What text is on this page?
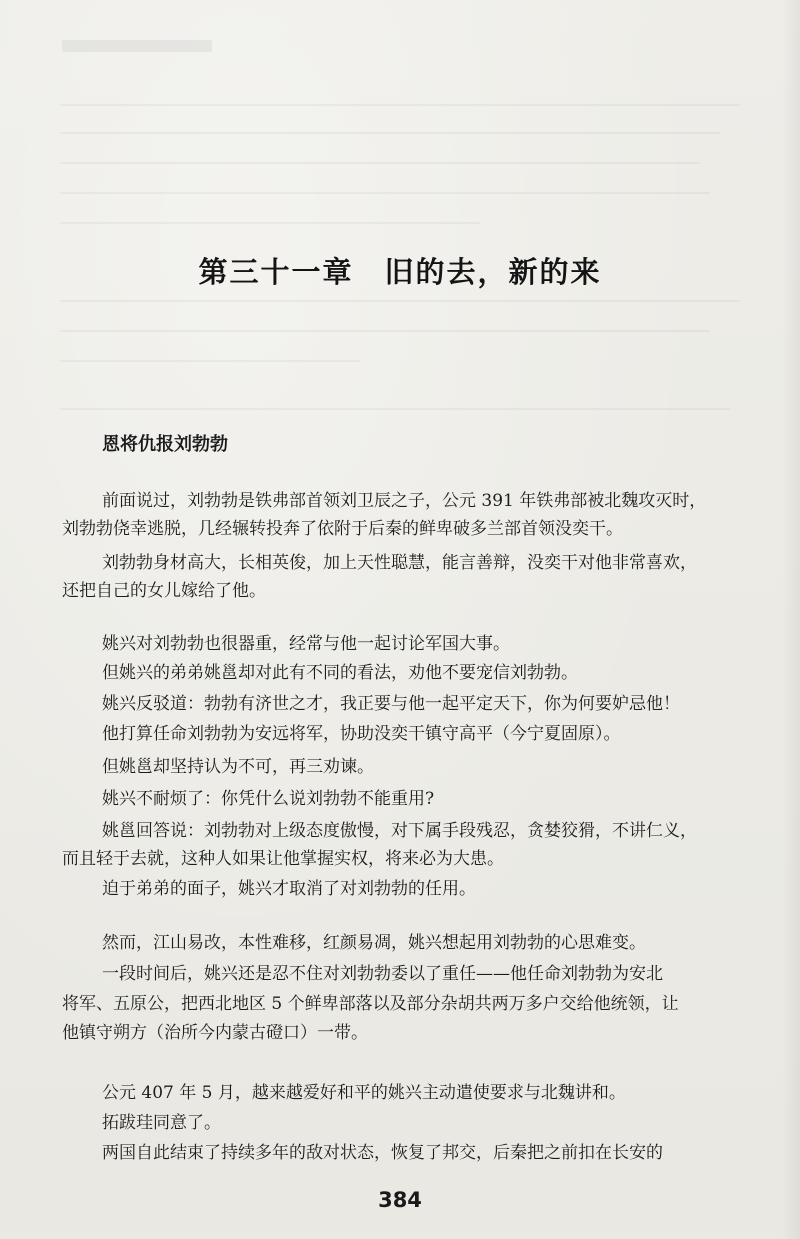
第三十一章　旧的去，新的来
恩将仇报刘勃勃

前面说过，刘勃勃是铁弗部首领刘卫辰之子，公元 391 年铁弗部被北魏攻灭时，

刘勃勃侥幸逃脱，几经辗转投奔了依附于后秦的鲜卑破多兰部首领没奕干。

刘勃勃身材高大，长相英俊，加上天性聪慧，能言善辩，没奕干对他非常喜欢，

还把自己的女儿嫁给了他。

姚兴对刘勃勃也很器重，经常与他一起讨论军国大事。

但姚兴的弟弟姚邕却对此有不同的看法，劝他不要宠信刘勃勃。

姚兴反驳道：勃勃有济世之才，我正要与他一起平定天下，你为何要妒忌他！

他打算任命刘勃勃为安远将军，协助没奕干镇守高平（今宁夏固原）。

但姚邕却坚持认为不可，再三劝谏。

姚兴不耐烦了：你凭什么说刘勃勃不能重用?

姚邕回答说：刘勃勃对上级态度傲慢，对下属手段残忍，贪婪狡猾，不讲仁义，

而且轻于去就，这种人如果让他掌握实权，将来必为大患。

迫于弟弟的面子，姚兴才取消了对刘勃勃的任用。

然而，江山易改，本性难移，红颜易凋，姚兴想起用刘勃勃的心思难变。

一段时间后，姚兴还是忍不住对刘勃勃委以了重任——他任命刘勃勃为安北

将军、五原公，把西北地区 5 个鲜卑部落以及部分杂胡共两万多户交给他统领，让

他镇守朔方（治所今内蒙古磴口）一带。

公元 407 年 5 月，越来越爱好和平的姚兴主动遣使要求与北魏讲和。

拓跋珪同意了。

两国自此结束了持续多年的敌对状态，恢复了邦交，后秦把之前扣在长安的

384
